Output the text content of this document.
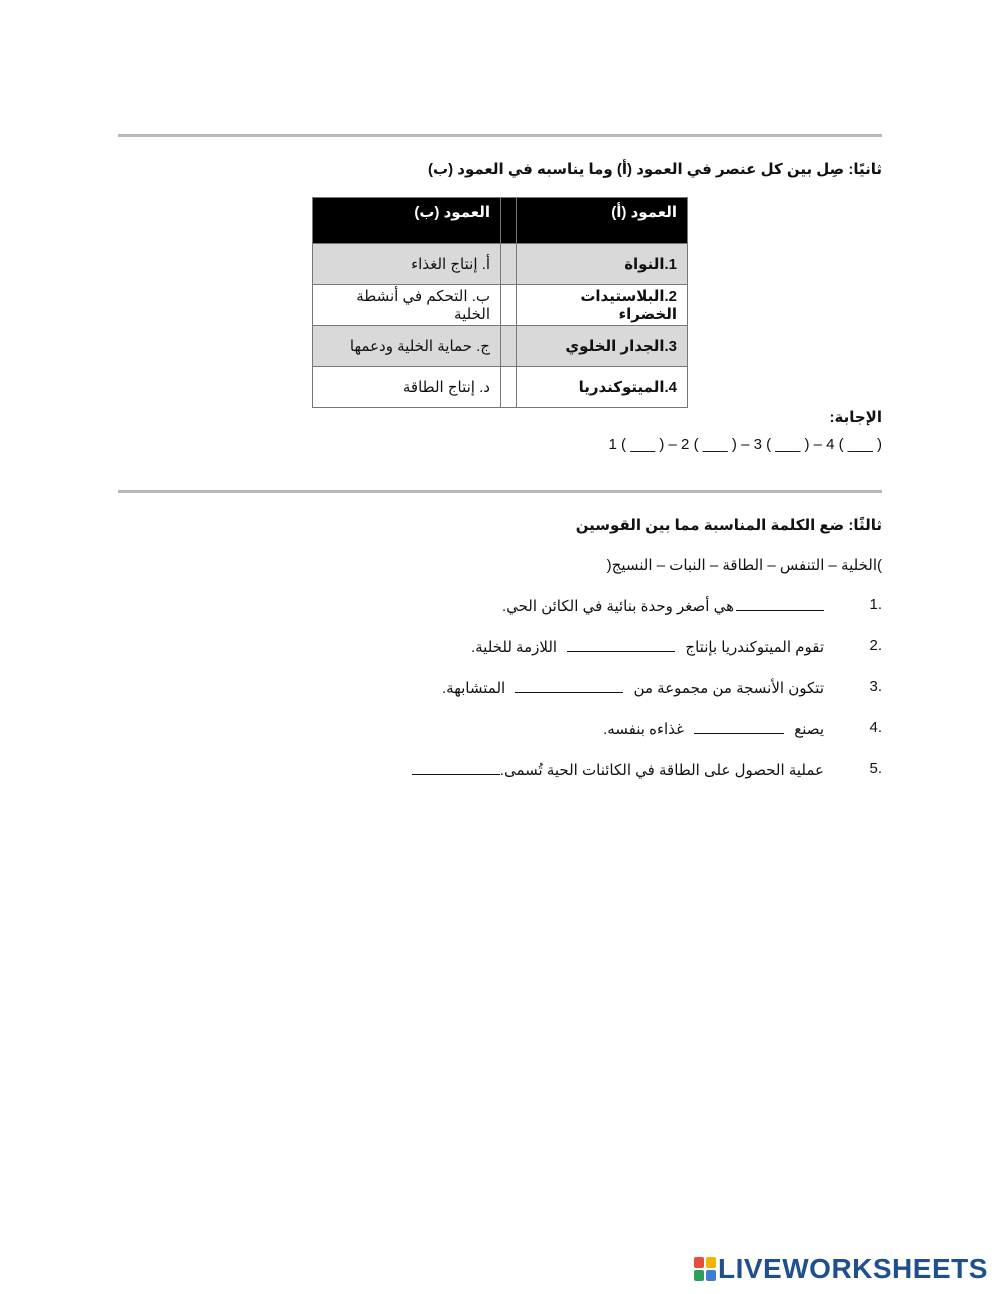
ثانيًا: صِل بين كل عنصر في العمود (أ) وما يناسبه في العمود (ب)
العمود (أ)		العمود (ب)
1.النواة		أ. إنتاج الغذاء
2.البلاستيدات الخضراء		ب. التحكم في أنشطة الخلية
3.الجدار الخلوي		ج. حماية الخلية ودعمها
4.الميتوكندريا		د. إنتاج الطاقة
الإجابة:
1 ( ___ ) – 2 ( ___ ) – 3 ( ___ ) – 4 ( ___ )
ثالثًا: ضع الكلمة المناسبة مما بين القوسين
)الخلية – التنفس – الطاقة – النبات – النسيج(
.1
هي أصغر وحدة بنائية في الكائن الحي.
.2
تقوم الميتوكندريا بإنتاج  اللازمة للخلية.
.3
تتكون الأنسجة من مجموعة من  المتشابهة.
.4
يصنع  غذاءه بنفسه.
.5
عملية الحصول على الطاقة في الكائنات الحية تُسمى.
LIVEWORKSHEETS
